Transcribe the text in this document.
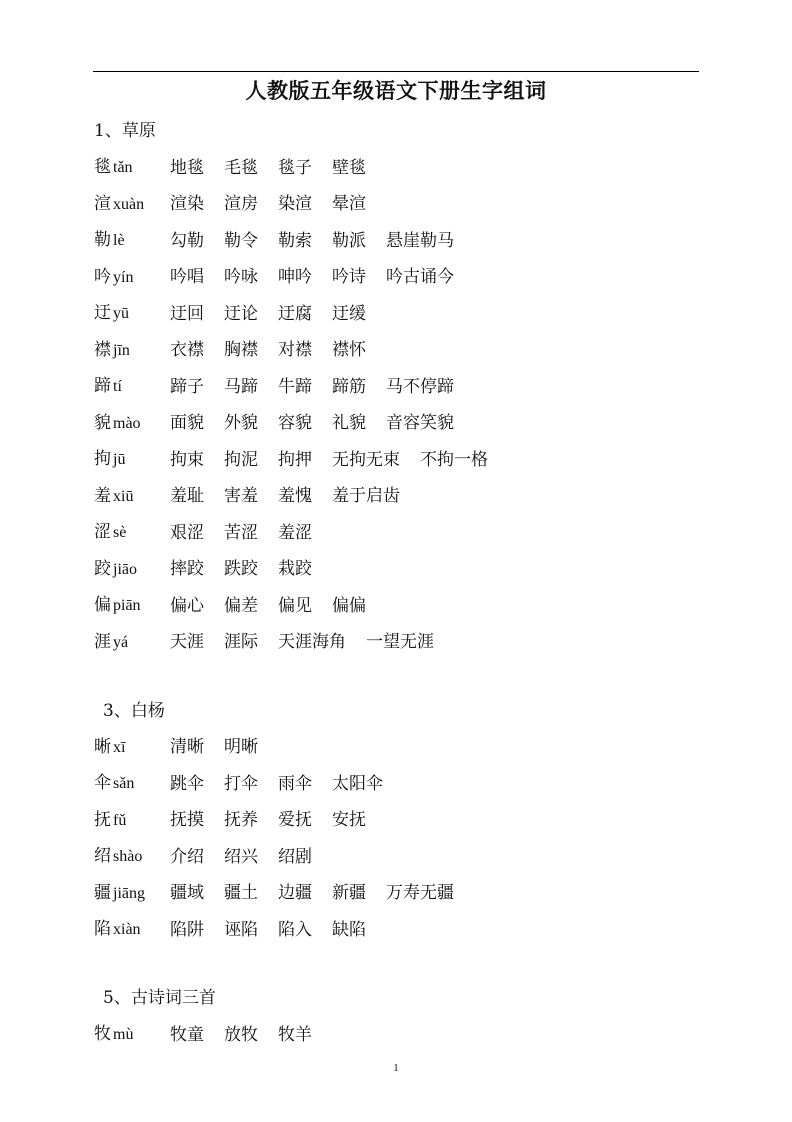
人教版五年级语文下册生字组词
1、草原
毯 tǎn	地毯 毛毯 毯子 壁毯
渲 xuàn	渲染 渲房 染渲 晕渲
勒 lè	勾勒 勒令 勒索 勒派 悬崖勒马
吟 yín	吟唱 吟咏 呻吟 吟诗 吟古诵今
迂 yū	迂回 迂论 迂腐 迂缓
襟 jīn	衣襟 胸襟 对襟 襟怀
蹄 tí	蹄子 马蹄 牛蹄 蹄筋 马不停蹄
貌 mào	面貌 外貌 容貌 礼貌 音容笑貌
拘 jū	拘束 拘泥 拘押 无拘无束 不拘一格
羞 xiū	羞耻 害羞 羞愧 羞于启齿
涩 sè	艰涩 苦涩 羞涩
跤 jiāo	摔跤 跌跤 栽跤
偏 piān	偏心 偏差 偏见 偏偏
涯 yá	天涯 涯际 天涯海角 一望无涯
3、白杨
晰 xī	清晰 明晰
伞 sǎn	跳伞 打伞 雨伞 太阳伞
抚 fǔ	抚摸 抚养 爱抚 安抚
绍 shào	介绍 绍兴 绍剧
疆 jiāng	疆域 疆土 边疆 新疆 万寿无疆
陷 xiàn	陷阱 诬陷 陷入 缺陷
5、古诗词三首
牧 mù	牧童 放牧 牧羊
1
